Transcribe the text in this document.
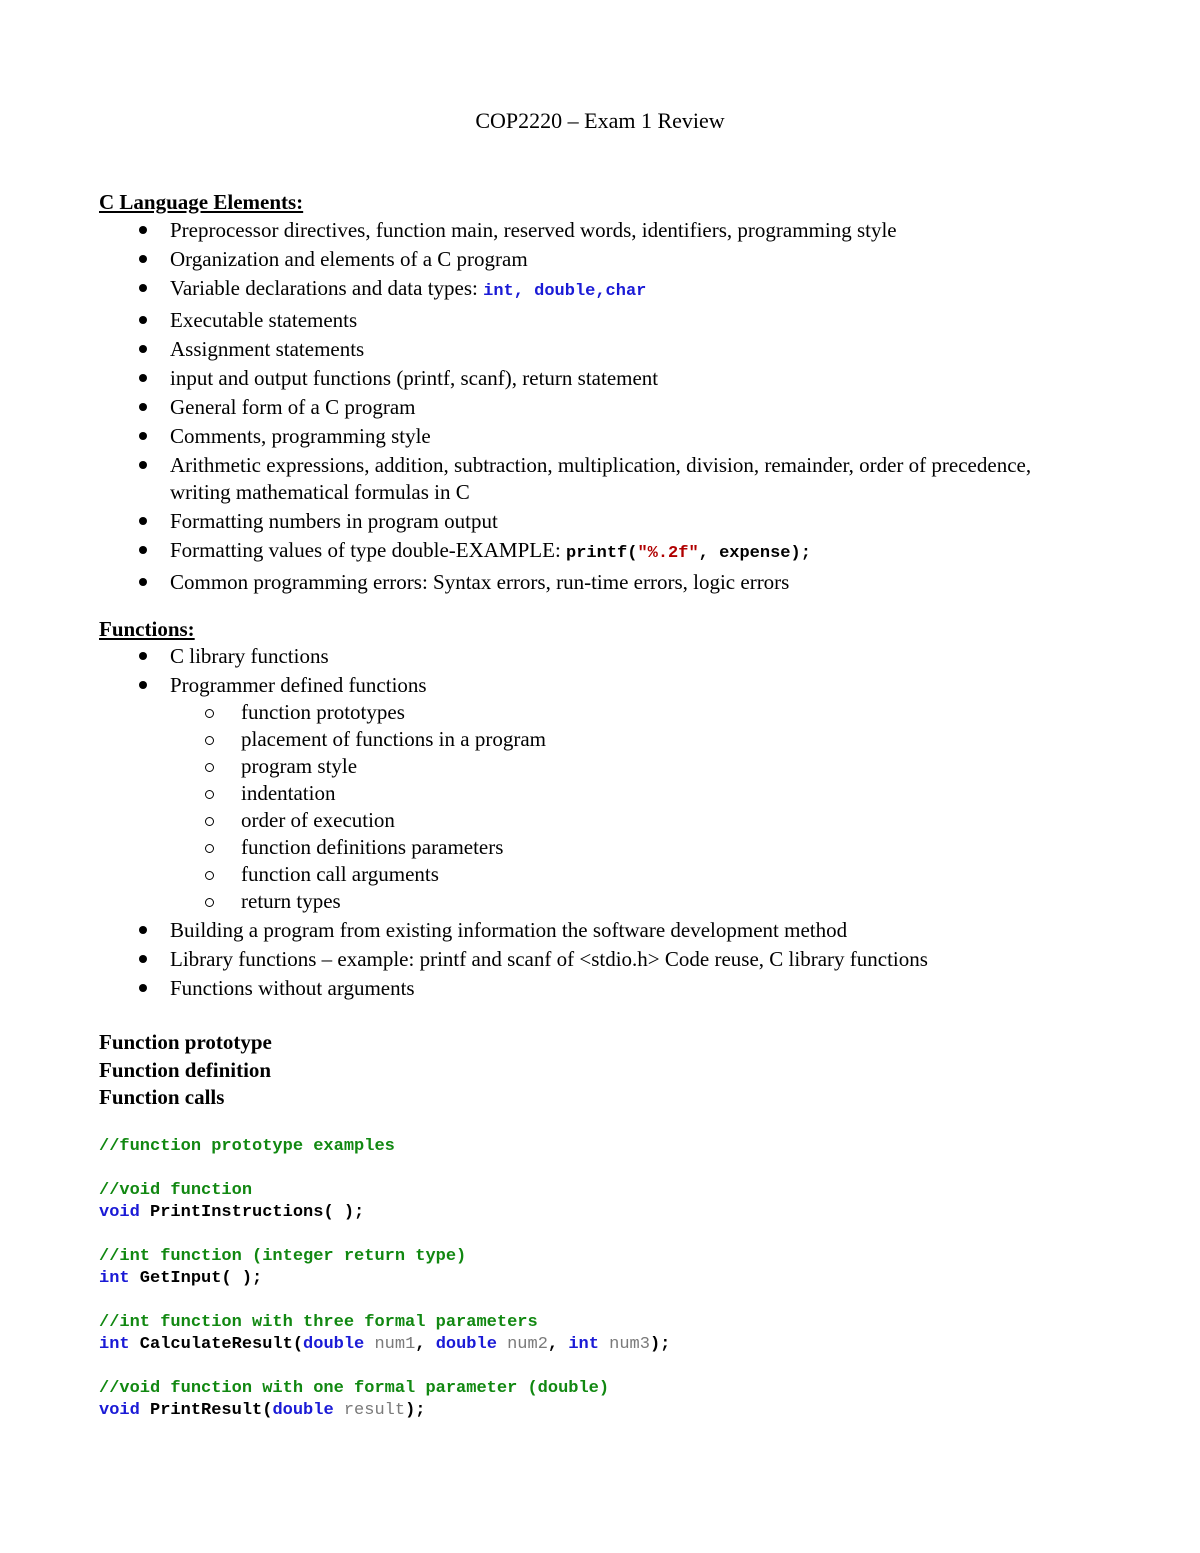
COP2220 – Exam 1 Review
C Language Elements:
Preprocessor directives, function main, reserved words, identifiers, programming style
Organization and elements of a C program
Variable declarations and data types: int, double,char
Executable statements
Assignment statements
input and output functions (printf, scanf), return statement
General form of a C program
Comments, programming style
Arithmetic expressions, addition, subtraction, multiplication, division, remainder, order of precedence, writing mathematical formulas in C
Formatting numbers in program output
Formatting values of type double-EXAMPLE: printf("%.2f", expense);
Common programming errors: Syntax errors, run-time errors, logic errors
Functions:
C library functions
Programmer defined functions
function prototypes
placement of functions in a program
program style
indentation
order of execution
function definitions parameters
function call arguments
return types
Building a program from existing information the software development method
Library functions – example: printf and scanf of <stdio.h> Code reuse, C library functions
Functions without arguments
Function prototype
Function definition
Function calls
//function prototype examples

//void function
void PrintInstructions( );

//int function (integer return type)
int GetInput( );

//int function with three formal parameters
int CalculateResult(double num1, double num2, int num3);

//void function with one formal parameter (double)
void PrintResult(double result);
